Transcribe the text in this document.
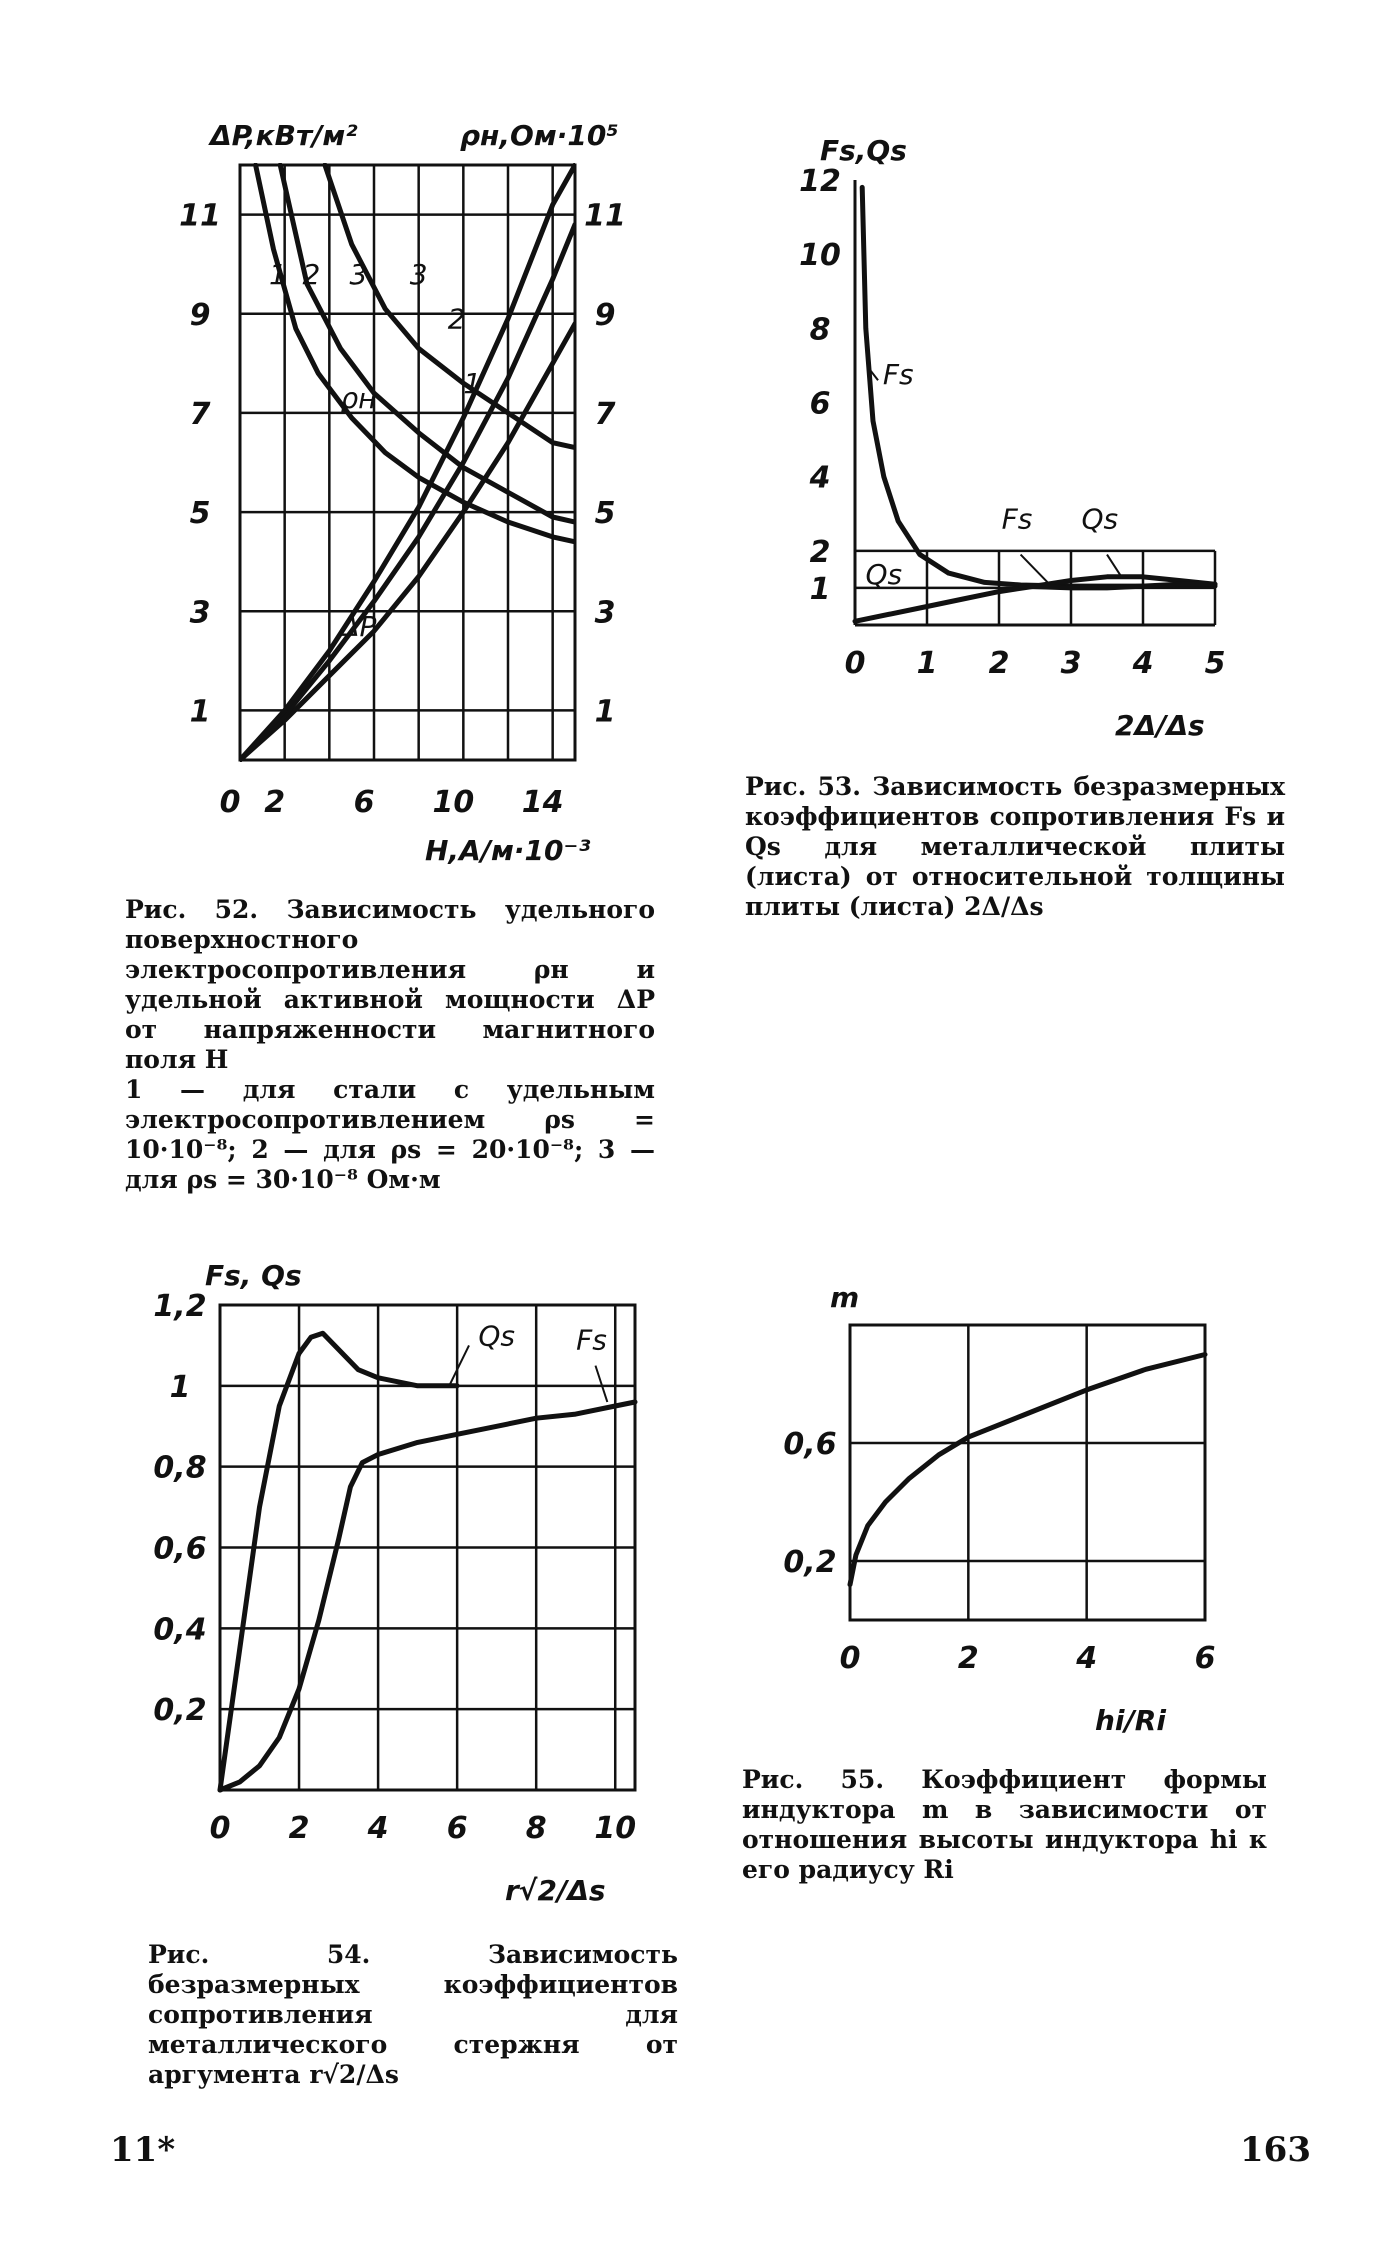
0 2 6 10 14
1
3
5
7
9
11
1
3
5
7
9
11
ΔP,кВт/м²	ρн,Ом·10⁵
H,А/м·10⁻³
1 2 3 3
2
1
ρн
ΔP
0 1 2 3 4 5
1
2
4
6
8
10
12
Fs,Qs
2Δ/Δs
Fs
Fs
Qs
Qs
0 2 4 6 8 10
0,2
0,4
0,6
0,8
1
1,2
Fs, Qs
r√2/Δs
Qs Fs
0	2	4	6
0,2
0,6
m
hi/Ri
Рис. 52. Зависимость удельного поверхностного электросопротивления ρн и удельной активной мощности ΔP от напряженности магнитного поля H
1 — для стали с удельным электросопротивлением ρs = 10·10⁻⁸; 2 — для ρs = 20·10⁻⁸; 3 — для ρs = 30·10⁻⁸ Ом·м
Рис. 53. Зависимость безразмерных коэффициентов сопротивления Fs и Qs для металлической плиты (листа) от относительной толщины плиты (листа) 2Δ/Δs
Рис. 54. Зависимость безразмерных коэффициентов сопротивления для металлического стержня от аргумента r√2/Δs
Рис. 55. Коэффициент формы индуктора m в зависимости от отношения высоты индуктора hi к его радиусу Ri
11*	163
